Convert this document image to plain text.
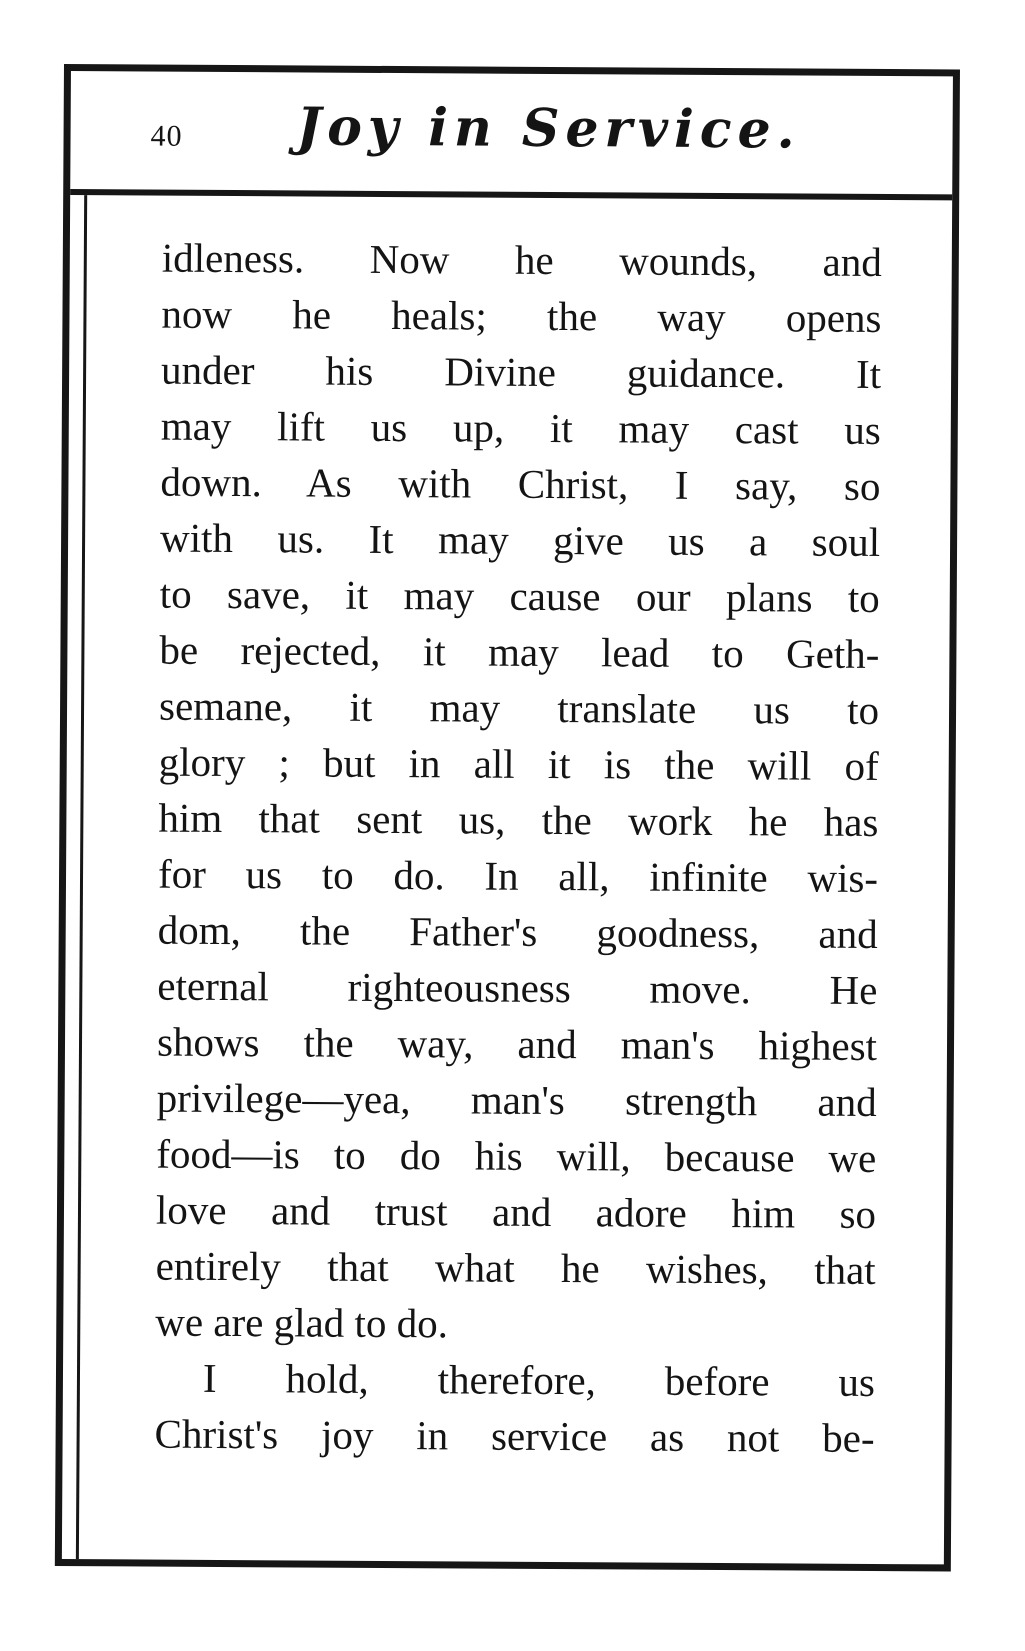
40 Joy in Service.
idleness. Now he wounds, and
now he heals; the way opens
under his Divine guidance. It
may lift us up, it may cast us
down. As with Christ, I say, so
with us. It may give us a soul
to save, it may cause our plans to
be rejected, it may lead to Geth-
semane, it may translate us to
glory ; but in all it is the will of
him that sent us, the work he has
for us to do. In all, infinite wis-
dom, the Father's goodness, and
eternal righteousness move. He
shows the way, and man's highest
privilege—yea, man's strength and
food—is to do his will, because we
love and trust and adore him so
entirely that what he wishes, that
we are glad to do.
I hold, therefore, before us
Christ's joy in service as not be-
